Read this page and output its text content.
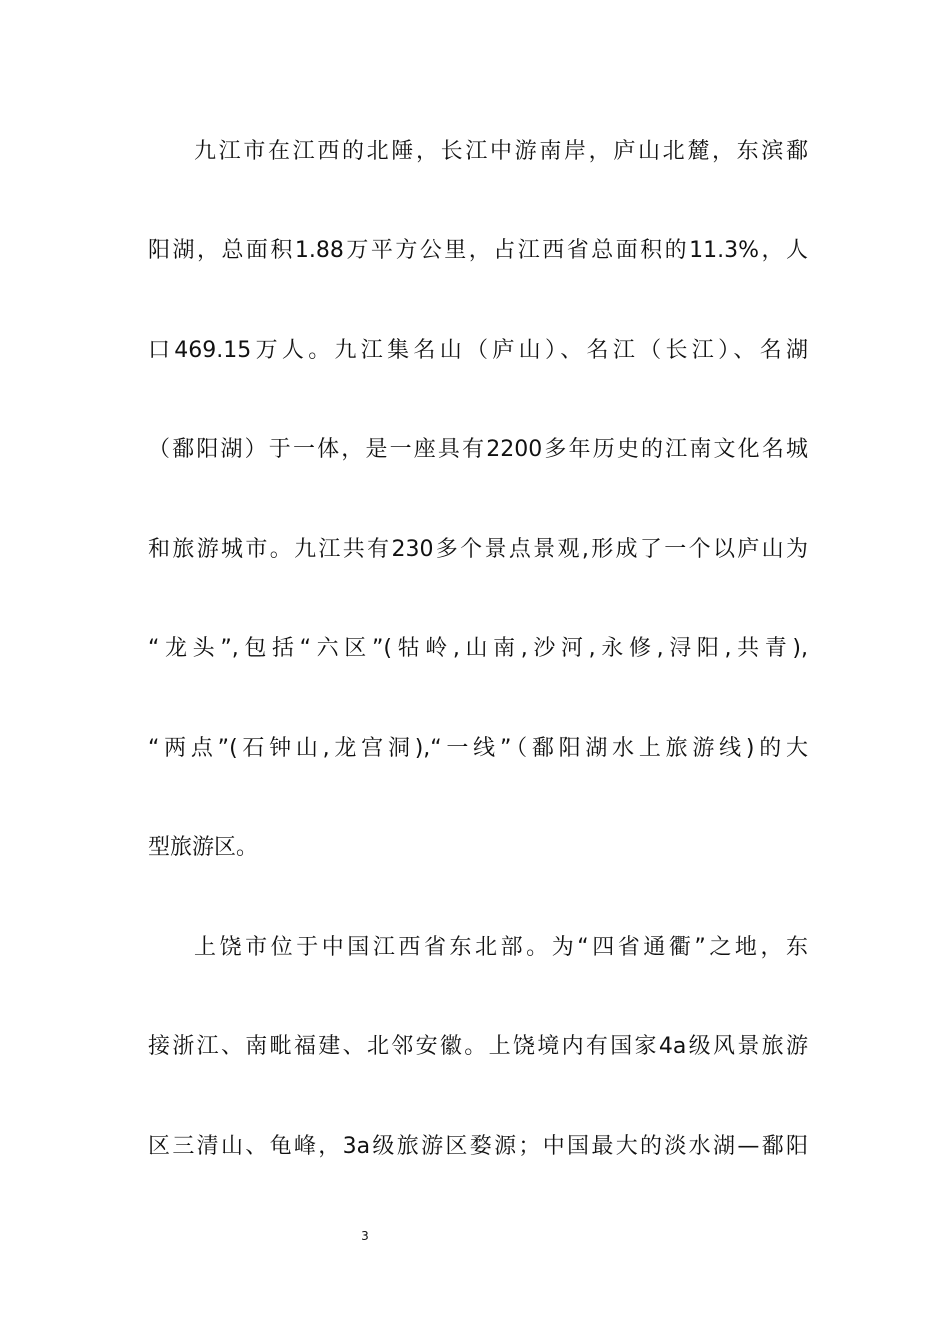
九江市在江西的北陲，长江中游南岸，庐山北麓，东滨鄱
阳湖，总面积1.88万平方公里，占江西省总面积的11.3%，人
口469.15万人。九江集名山（庐山）、名江（长江）、名湖
（鄱阳湖）于一体，是一座具有2200多年历史的江南文化名城
和旅游城市。九江共有230多个景点景观,形成了一个以庐山为
“龙头”,包括“六区”(牯岭,山南,沙河,永修,浔阳,共青),
“两点”(石钟山,龙宫洞),“一线”（鄱阳湖水上旅游线)的大
型旅游区。
上饶市位于中国江西省东北部。为“四省通衢”之地，东
接浙江、南毗福建、北邻安徽。上饶境内有国家4a级风景旅游
区三清山、龟峰，3a级旅游区婺源；中国最大的淡水湖—鄱阳
3
